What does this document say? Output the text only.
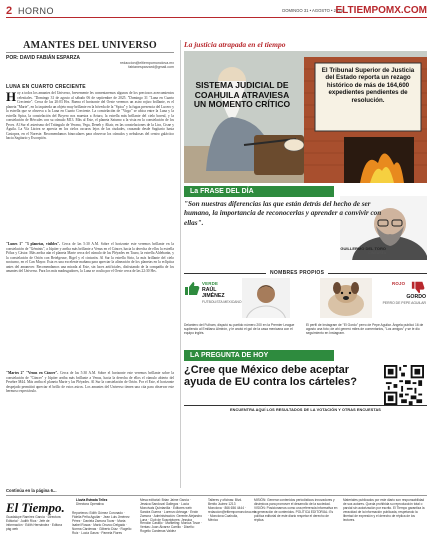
2 HORNO	DOMINGO 31 • AGOSTO • 2025
ELTIEMPOMX.COM
AMANTES DEL UNIVERSO
POR: DAVID FABIÁN ESPARZA
redaccion@eltiempomonclova.mx
fabianesparzard@gmail.com
LUNA EN CUARTO CRECIENTE
Hoy a todos los amantes del Universo, brevemente les comentaremos algunos de los preciosos acercamientos celestiales. "Domingo 31 de agosto al sábado 06 de septiembre de 2025. "Domingo 31 "Luna en Cuarto Creciente". Cerca de las 20:03 Hrs. Buena el horizonte del Oeste veremos un astro rojizo brillante, es el planeta "Marte", en la izquierda un objeto muy brillante en la bóveda de la "Spica" y la fugaz presencia del Lucero y la estrella que se observa a la Luna en Cuarto Creciente. La constelación de "Virgo" se ubica entre la Luna y la estrella Spica, la constelación del Boyero nos muestra a Arturo, la estrella más brillante del cielo boreal, y la constelación de Hércules con su cúmulo M13. Más al Este, el planeta Saturno a la vista en la constelación de los Peces. Al Sur el asterismo del Triángulo de Verano, Vega, Deneb y Altair, en las constelaciones de la Lira, Cisne y Águila. La Vía Láctea se aprecia en los cielos oscuros lejos de las ciudades, cruzando desde Sagitario hasta Casiopea, en el Noreste. Recomendamos binoculares para observar los cúmulos y nebulosas del centro galáctico hacia Sagitario y Escorpión.
"Lunes 1" "3 planetas, visibles". Cerca de las 5:30 A.M. Sobre el horizonte este veremos brillante en la constelación de "Géminis", a Júpiter y arriba más brillante a Venus en el Cáncer, hacia la derecha de ellos la estrella Pólux y Cástor. Más arriba aún el planeta Marte cerca del cúmulo de las Pléyades en Tauro, la estrella Aldebarán, y la constelación de Orión con Betelgeuse, Rigel y el cinturón. Al Sur la estrella Sirio, la más brillante del cielo nocturno, en el Can Mayor. Esta es una excelente mañana para apreciar la alineación de los planetas en la eclíptica antes del amanecer. Recomendamos una mirada al Este, sin luces artificiales, disfrutando de la compañía de los amantes del Universo. Para los más madrugadores, la Luna se oculta por el Oeste cerca de las 22:30 Hrs.
"Martes 2" "Venus en Cáncer". Cerca de las 5:30 A.M. Sobre el horizonte este veremos brillante sobre la constelación de "Cáncer" y Júpiter arriba más brillante a Venus, hacia la derecha de ellos el cúmulo abierto del Pesebre M44. Más arriba el planeta Marte y las Pléyades. Al Sur la constelación de Orión. Por el Este, el horizonte despejado permitirá apreciar el brillo de estos astros. Los amantes del Universo tienen una cita para observar este hermoso espectáculo.
Continúa en la página 6...
La justicia atrapada en el tiempo
SISTEMA JUDICIAL DE COAHUILA ATRAVIESA UN MOMENTO CRÍTICO
El Tribunal Superior de Justicia del Estado reporta un rezago histórico de más de 164,600 expedientes pendientes de resolución.
La FRASE DEL DÍA
"Son nuestras diferencias las que están detrás del hecho de ser humano, la importancia de reconocerlas y aprender a convivir con ellas".
GUILLERMO DEL TORO
CINEASTA
NOMBRES PROPIOS
VERDE
RAÚL
JIMÉNEZ
FUTBOLISTA MEXICANO
ROJO
GORDO
PERRO DE PEPE AGUILAR
Delantero del Fulham, disputó su partido número 200 en la Premier League supliendo al Emiliano Almirón, y le anotó el gol de la casa mexicana con el equipo inglés.
El perfil de Instagram de "El Gordo" perro de Pepe Aguilar. Ángela publicó 16 de agosto una foto; de ahí generó miles de comentarios, "Los amigos" y se le dio seguimiento en Instagram.
LA PREGUNTA DE HOY
¿Cree que México debe aceptar ayuda de EU contra los cárteles?
ENCUENTRA AQUÍ LOS RESULTADOS DE LA VOTACIÓN Y OTRAS ENCUESTAS
El Tiempo.	Lluvia Estrada Tellez
Directora Operativa
Guadalupe Ramirez García · Directora Editorial · Judith Ríos · Jefe de información · Edith Hernández · Editora pág web
Reporteros: Edith Gómez Coronado · Fidelia Peña Aguilar · Jean Luis Jiménez Pérez · Daniela Zamora Tovar · María Isabel Rosas · Mario Orozco Delgado · Norma Cárdenas · Gilberto Díaz · Rogelio Ruiz · Lucía Garza · Pamela Flores
Mesa editorial: Brian Jaime García · Jessica Sandoval Gallegos · Lucía Moncivais Quintanilla · Editores web: Sandra Guerra · Lorenzo Arteaga · Erwin Zamora · Administración: Gerente Alejandro Luna · Club de Suscriptores: Jessica Rendón Castillo · Marketing: Monica Tovar · Ventas: Juan Álvarez Carrillo · Diseño: Rogelio Cardenas Valdez
Talleres y oficinas: Blvd. Benito Juárez 1213 Monclova · 866 656 4444 · redaccion@eltiempomonclova.mx · Monclova Coahuila, México
MISIÓN: Generar contenidos periodísticos innovadores y dinámicos para promover el desarrollo de la sociedad. VISIÓN: Posicionarnos como una referencia informativa en la generación de contenidos. POLÍTICA EDITORIAL: Es política editorial de este diario respetar el derecho de réplica.
Materiales publicados por este diario son responsabilidad de sus autores. Queda prohibida su reproducción total o parcial sin autorización por escrito. El Tiempo garantiza la veracidad de la información publicada, respetando la libertad de expresión y el derecho de réplica de los lectores.
